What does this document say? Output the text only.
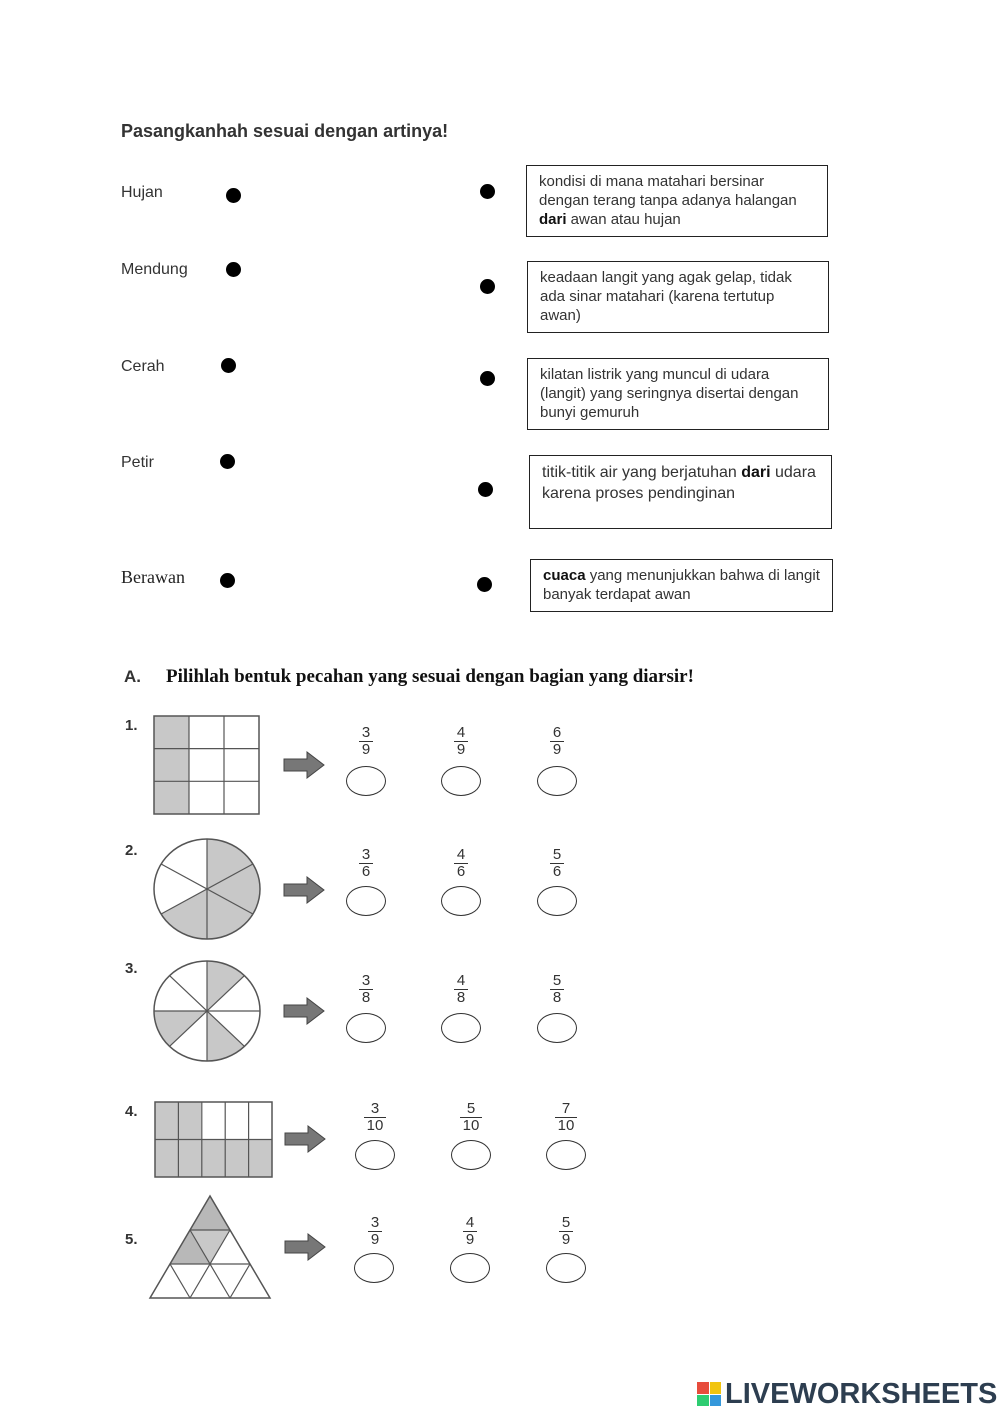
Pasangkanhah sesuai dengan artinya!
Hujan
Mendung
Cerah
Petir
Berawan
kondisi di mana matahari bersinar dengan terang tanpa adanya halangan dari awan atau hujan
keadaan langit yang agak gelap, tidak ada sinar matahari (karena tertutup awan)
kilatan listrik yang muncul di udara (langit) yang seringnya disertai dengan bunyi gemuruh
titik-titik air yang berjatuhan dari udara karena proses pendinginan
cuaca yang menunjukkan bahwa di langit banyak terdapat awan
A. Pilihlah bentuk pecahan yang sesuai dengan bagian yang diarsir!
1.
2.
3.
4.
5.
3
9
4
9
6
9
3
6
4
6
5
6
3
8
4
8
5
8
3
10
5
10
7
10
3
9
4
9
5
9
LIVEWORKSHEETS
